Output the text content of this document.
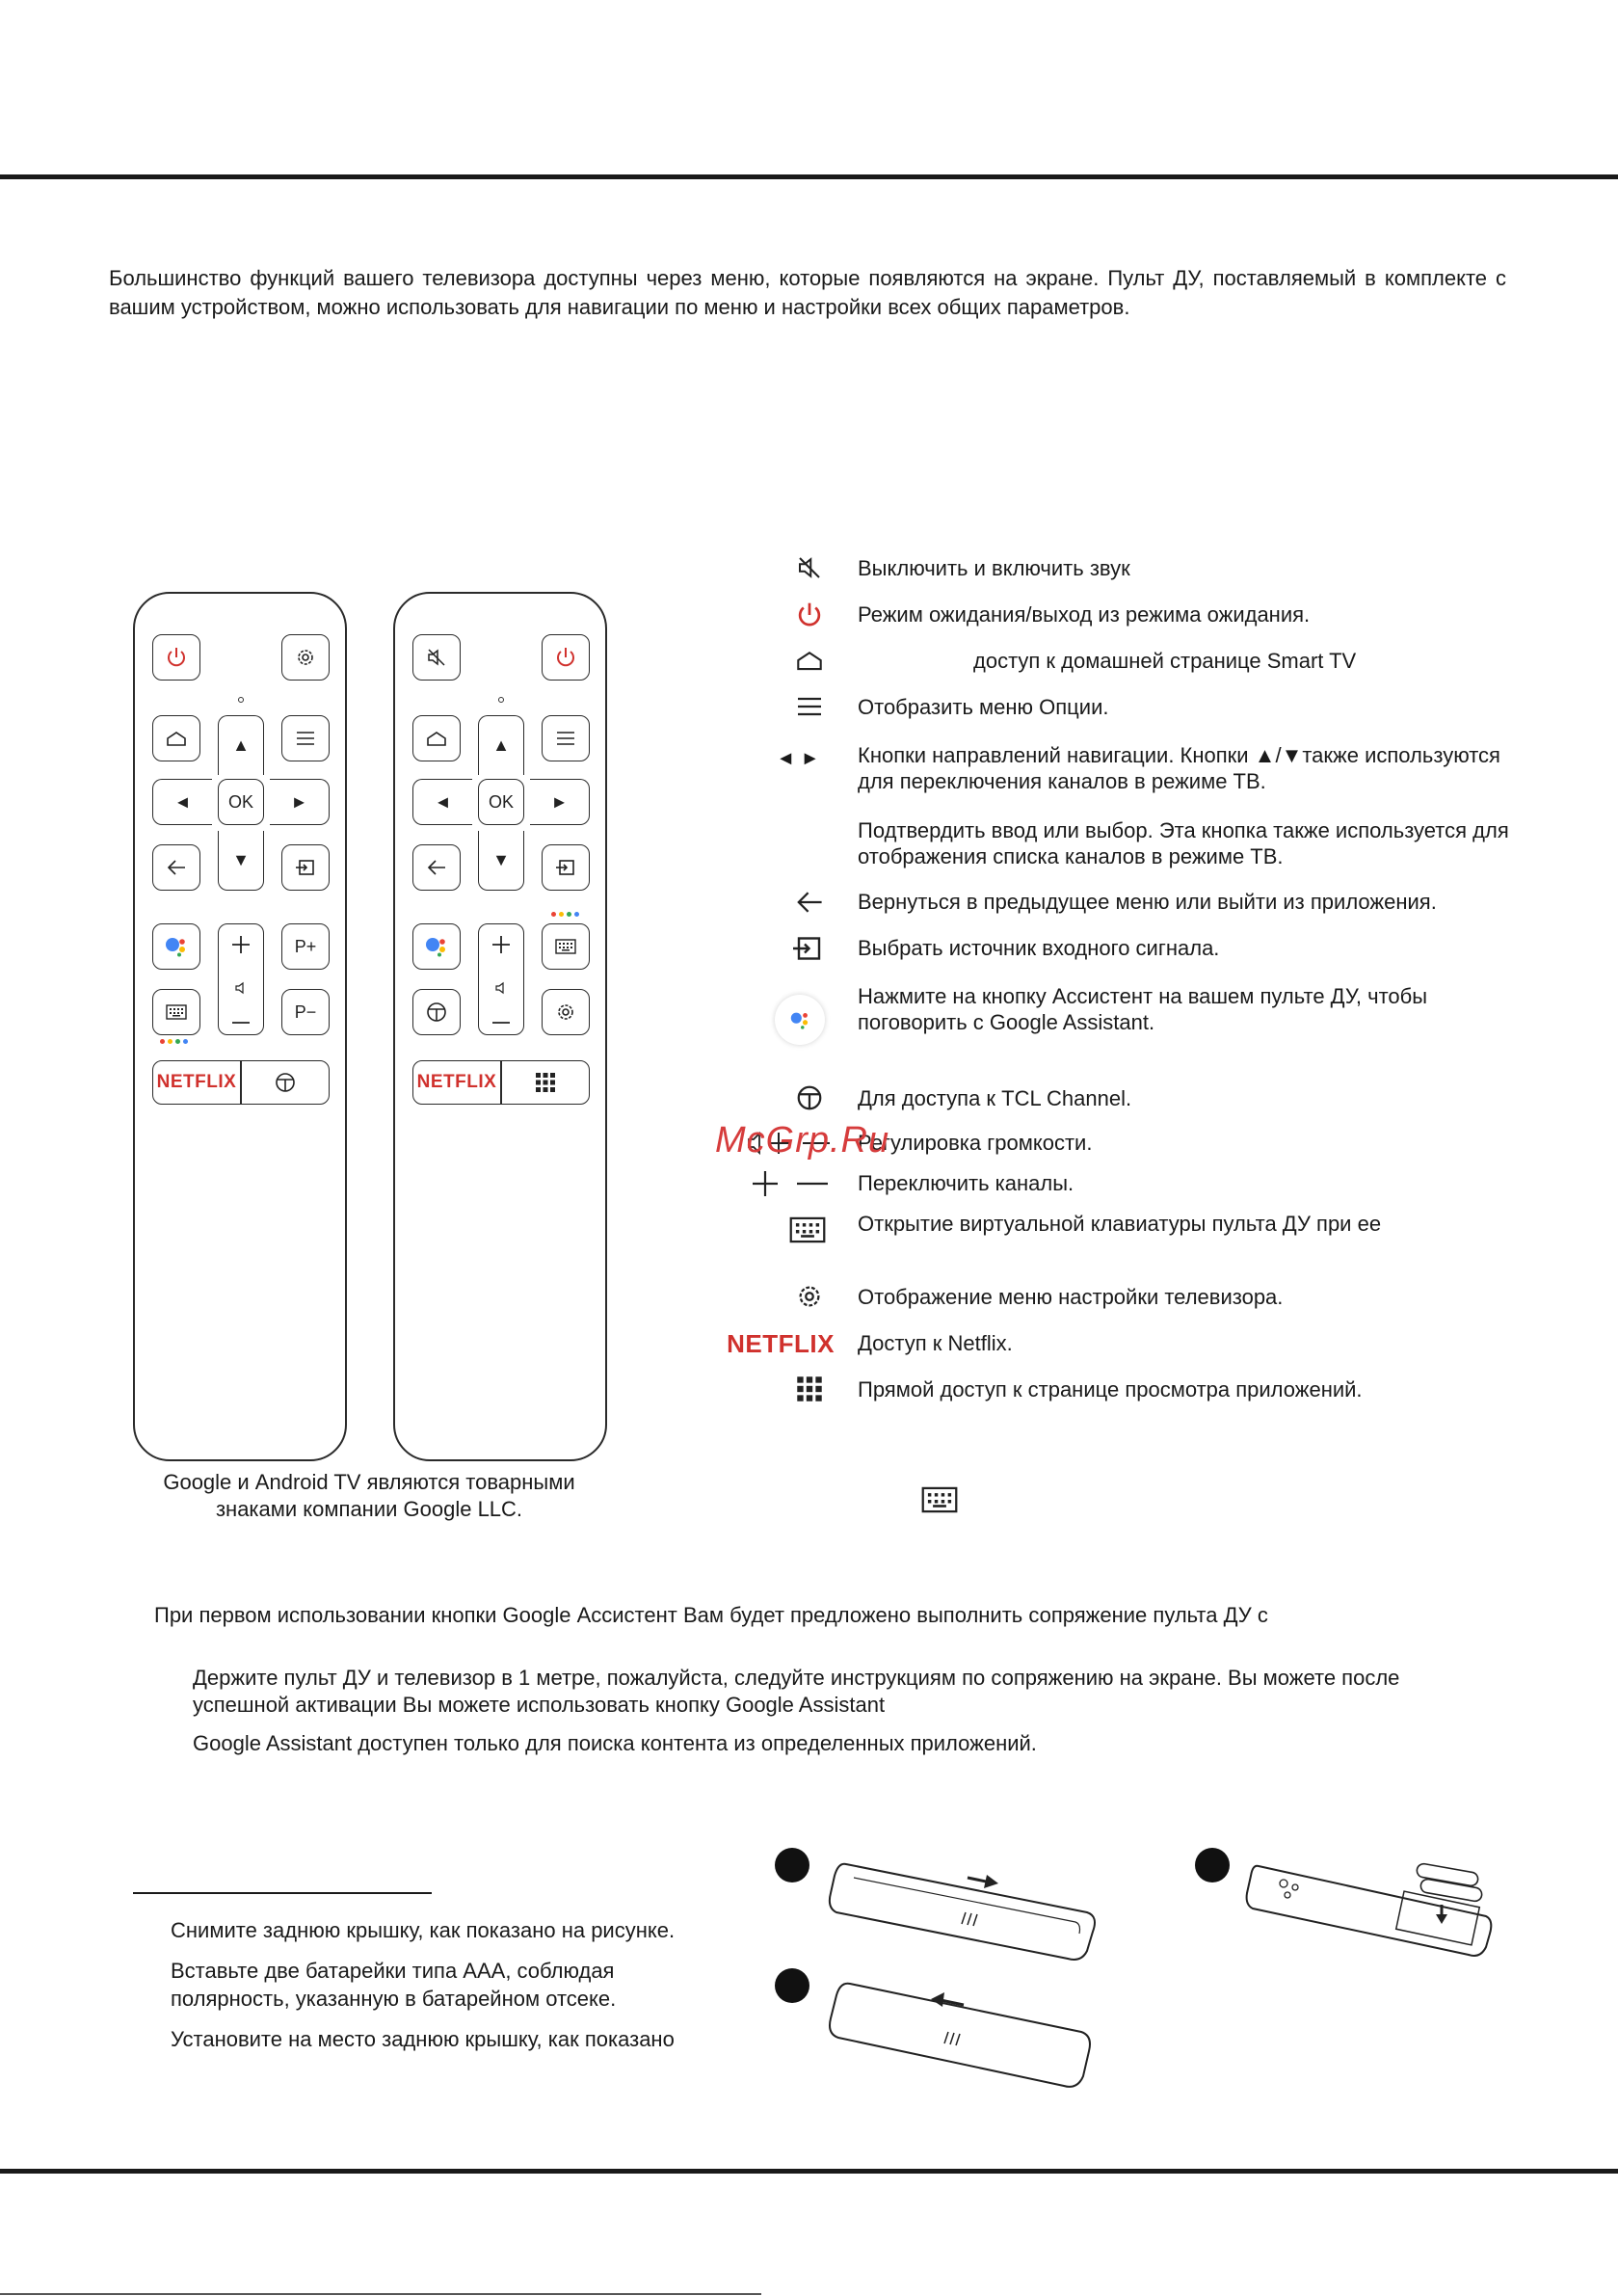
Большинство функций вашего телевизора доступны через меню, которые появляются на экране. Пульт ДУ, поставляемый в комплекте с вашим устройством, можно использовать для навигации по меню и настройки всех общих параметров.
▲
◄	OK	►
▼
P+
P−
NETFLIX
▲
◄	OK	►
▼
NETFLIX
Google и Android TV являются товарными
знаками компании Google LLC.
Выключить и включить звук
Режим ожидания/выход из режима ожидания.
доступ к домашней странице Smart TV
Отобразить меню Опции.
◄ ►	Кнопки направлений навигации. Кнопки ▲/▼также используются для переключения каналов в режиме ТВ.
Подтвердить ввод или выбор. Эта кнопка также используется для отображения списка каналов в режиме ТВ.
Вернуться в предыдущее меню или выйти из приложения.
Выбрать источник входного сигнала.
Нажмите на кнопку Ассистент на вашем пульте ДУ, чтобы поговорить с Google Assistant.
Для доступа к TCL Channel.
Регулировка громкости.
Переключить каналы.
Открытие виртуальной клавиатуры пульта ДУ при ее
Отображение меню настройки телевизора.
NETFLIX Доступ к Netflix.
Прямой доступ к странице просмотра приложений.
McGrp.Ru
При первом использовании кнопки Google Ассистент Вам будет предложено выполнить сопряжение пульта ДУ с
Держите пульт ДУ и телевизор в 1 метре, пожалуйста, следуйте инструкциям по сопряжению на экране. Вы можете после успешной активации Вы можете использовать кнопку Google Assistant
Google Assistant доступен только для поиска контента из определенных приложений.
Снимите заднюю крышку, как показано на рисунке.
Вставьте две батарейки типа AAA, соблюдая полярность, указанную в батарейном отсеке.
Установите на место заднюю крышку, как показано
